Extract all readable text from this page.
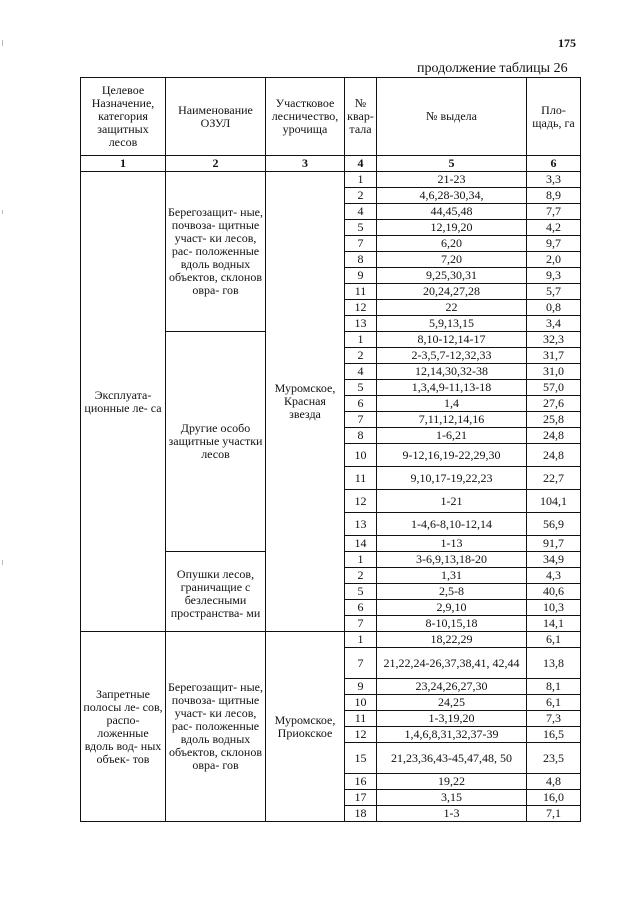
175
продолжение таблицы 26
Целевое Назначение, категория защитных лесов	Наименование ОЗУЛ	Участковое лесничество, урочища	№ квар- тала	№ выдела	Пло- щадь, га
1	2	3	4	5	6
Эксплуата- ционные ле- са	Берегозащит- ные, почвоза- щитные участ- ки лесов, рас- положенные вдоль водных объектов, склонов овра- гов	Муромское, Красная звезда	1	21-23	3,3
			2	4,6,28-30,34,	8,9
			4	44,45,48	7,7
			5	12,19,20	4,2
			7	6,20	9,7
			8	7,20	2,0
			9	9,25,30,31	9,3
			11	20,24,27,28	5,7
			12	22	0,8
			13	5,9,13,15	3,4
	Другие особо защитные участки лесов		1	8,10-12,14-17	32,3
			2	2-3,5,7-12,32,33	31,7
			4	12,14,30,32-38	31,0
			5	1,3,4,9-11,13-18	57,0
			6	1,4	27,6
			7	7,11,12,14,16	25,8
			8	1-6,21	24,8
			10	9-12,16,19-22,29,30	24,8
			11	9,10,17-19,22,23	22,7
			12	1-21	104,1
			13	1-4,6-8,10-12,14	56,9
			14	1-13	91,7
	Опушки лесов, граничащие с безлесными пространства- ми		1	3-6,9,13,18-20	34,9
			2	1,31	4,3
			5	2,5-8	40,6
			6	2,9,10	10,3
			7	8-10,15,18	14,1
Запретные полосы ле- сов, распо- ложенные вдоль вод- ных объек- тов	Берегозащит- ные, почвоза- щитные участ- ки лесов, рас- положенные вдоль водных объектов, склонов овра- гов	Муромское, Приокское	1	18,22,29	6,1
			7	21,22,24-26,37,38,41, 42,44	13,8
			9	23,24,26,27,30	8,1
			10	24,25	6,1
			11	1-3,19,20	7,3
			12	1,4,6,8,31,32,37-39	16,5
			15	21,23,36,43-45,47,48, 50	23,5
			16	19,22	4,8
			17	3,15	16,0
			18	1-3	7,1
